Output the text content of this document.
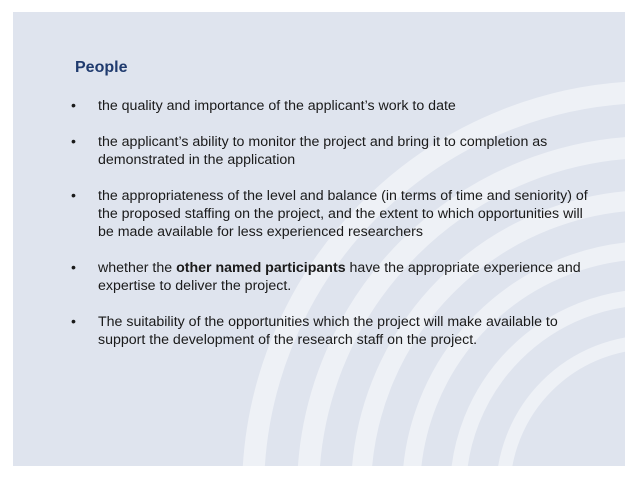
People
• the quality and importance of the applicant’s work to date
• the applicant’s ability to monitor the project and bring it to completion as demonstrated in the application
• the appropriateness of the level and balance (in terms of time and seniority) of the proposed staffing on the project, and the extent to which opportunities will be made available for less experienced researchers
• whether the other named participants have the appropriate experience and expertise to deliver the project.
• The suitability of the opportunities which the project will make available to support the development of the research staff on the project.
